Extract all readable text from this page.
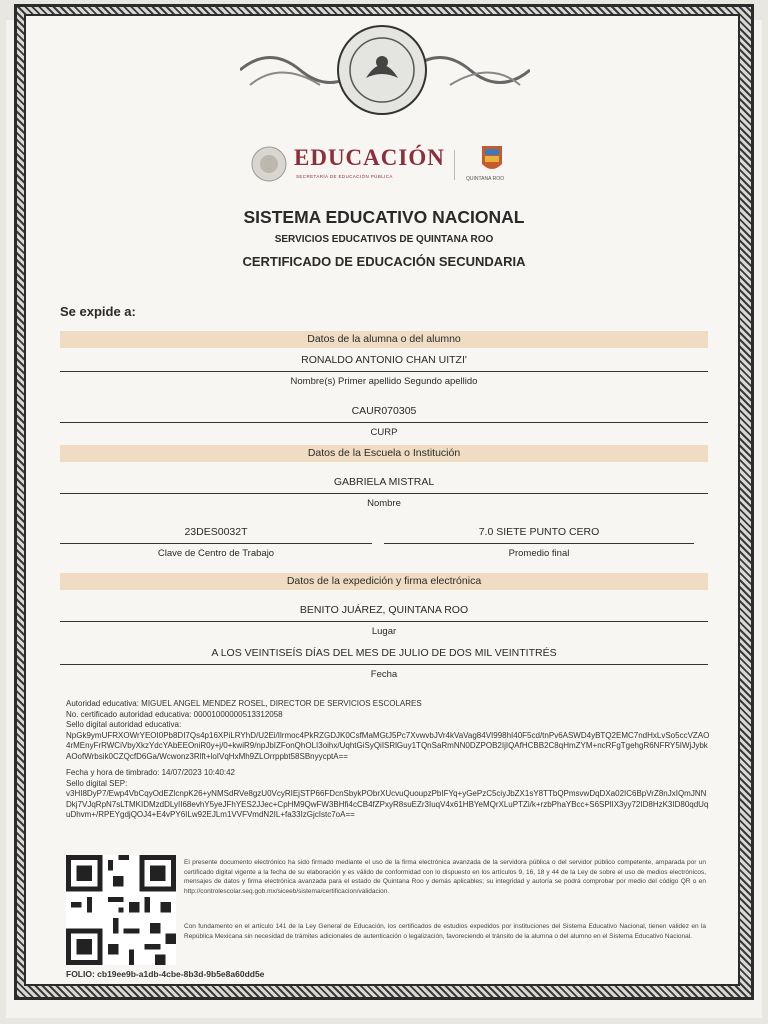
EDUCACIÓN
SECRETARÍA DE EDUCACIÓN PÚBLICA	QUINTANA ROO
SISTEMA EDUCATIVO NACIONAL
SERVICIOS EDUCATIVOS DE QUINTANA ROO
CERTIFICADO DE EDUCACIÓN SECUNDARIA
Se expide a:
Datos de la alumna o del alumno
RONALDO ANTONIO CHAN UITZI'
Nombre(s) Primer apellido Segundo apellido
CAUR070305
CURP
Datos de la Escuela o Institución
GABRIELA MISTRAL
Nombre
23DES0032T
Clave de Centro de Trabajo
7.0 SIETE PUNTO CERO
Promedio final
Datos de la expedición y firma electrónica
BENITO JUÁREZ, QUINTANA ROO
Lugar
A LOS VEINTISEÍS DÍAS DEL MES DE JULIO DE DOS MIL VEINTITRÉS
Fecha
Autoridad educativa: MIGUEL ANGEL MENDEZ ROSEL, DIRECTOR DE SERVICIOS ESCOLARES
No. certificado autoridad educativa: 00001000000513312058
Sello digital autoridad educativa:
NpGk9ymUFRXOWrYEOI0Pb8DI7Qs4p16XPiLRYhD/U2Ei/Ilrmoc4PkRZGDJK0CsfMaMGtJ5Pc7XvwvbJVr4kVaVag84VI998hI40F5cd/tnPv6ASWD4yBTQ2EMC7ndHxLvSo5ccVZAO4rMEnyFrRWCiVbyXkzYdcYAbEEOniR0y+j/0+kwiR9/npJbIZFonQhOLI3oihx/UqhtGiSyQiISRlGuy1TQnSaRmNN0DZPOB2IjIQAfHCBB2C8qHmZYM+ncRFgTgehgR6NFRY5IWjJybkAOofWrbsik0CZQcfD6Ga/Wcwonz3Rlft+loIVqHxMh9ZLOrrppbt58SBnyycptA==
Fecha y hora de timbrado: 14/07/2023 10:40:42
Sello digital SEP:
v3HI8DyP7/Ewp4VbCqyOdEZlcnpK26+yNMSdRVe8gzU0VcyRIEjSTP66FDcnSbykPObrXUcvuQuoupzPbIFYq+yGePzC5ciyJbZX1sY8TTbQPmsvwDqDXa02IC6BpVrZ8nJxIQmJNNDkj7VJqRpN7sLTMKIDMzdDLyII68evhY5yeJFhYES2JJec+CpHM9QwFW3BHfi4cCB4fZPxyR8suEZr3IuqV4x61HBYeMQrXLuPTZi/k+rzbPhaYBcc+S6SPlIX3yy72ID8HzK3ID80qdUquDhvm+/RPEYgdjQOJ4+E4vPY6ILw92EJLm1VVFVmdN2IL+fa33IzGjcIstc7oA==
El presente documento electrónico ha sido firmado mediante el uso de la firma electrónica avanzada de la servidora pública o del servidor público competente, amparada por un certificado digital vigente a la fecha de su elaboración y es válido de conformidad con lo dispuesto en los artículos 9, 16, 18 y 44 de la Ley de sobre el uso de medios electrónicos, mensajes de datos y firma electrónica avanzada para el estado de Quintana Roo y demás aplicables; su integridad y autoría se podrá comprobar por medio del código QR o en http://controlescolar.seq.gob.mx/siceeb/sistema/certificacion/validacion.
Con fundamento en el artículo 141 de la Ley General de Educación, los certificados de estudios expedidos por instituciones del Sistema Educativo Nacional, tienen validez en la República Mexicana sin necesidad de trámites adicionales de autenticación o legalización, favoreciendo el tránsito de la alumna o del alumno en el Sistema Educativo Nacional.
FOLIO: cb19ee9b-a1db-4cbe-8b3d-9b5e8a60dd5e
